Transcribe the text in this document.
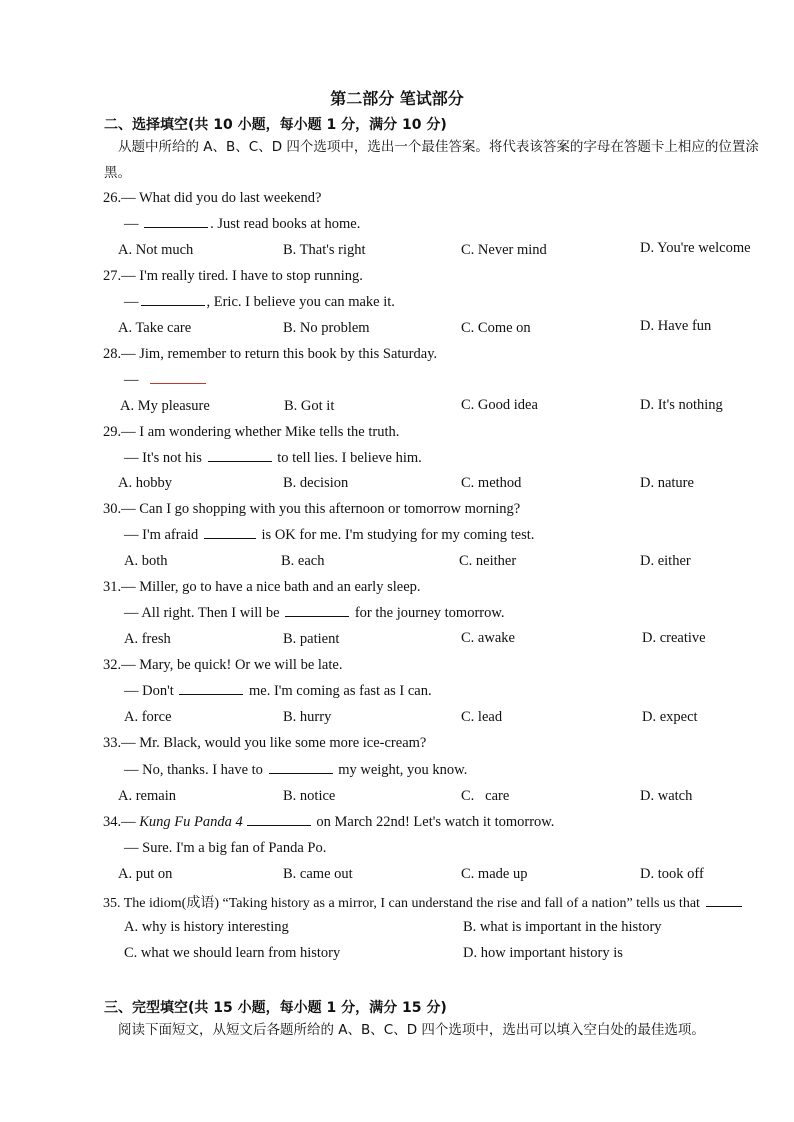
第二部分 笔试部分
二、选择填空(共 10 小题，每小题 1 分，满分 10 分)
从题中所给的 A、B、C、D 四个选项中，选出一个最佳答案。将代表该答案的字母在答题卡上相应的位置涂黑。
26.— What did you do last weekend?
—	. Just read books at home.
A. Not much	B. That's right	C. Never mind	D. You're welcome
27.— I'm really tired. I have to stop running.
—	, Eric. I believe you can make it.
A. Take care	B. No problem	C. Come on	D. Have fun
28.— Jim, remember to return this book by this Saturday.
—
A. My pleasure	B. Got it	C. Good idea	D. It's nothing
29.— I am wondering whether Mike tells the truth.
— It's not his	to tell lies. I believe him.
A. hobby	B. decision	C. method	D. nature
30.— Can I go shopping with you this afternoon or tomorrow morning?
— I'm afraid	is OK for me. I'm studying for my coming test.
A. both	B. each	C. neither	D. either
31.— Miller, go to have a nice bath and an early sleep.
— All right. Then I will be	for the journey tomorrow.
A. fresh	B. patient	C. awake	D. creative
32.— Mary, be quick! Or we will be late.
— Don't	me. I'm coming as fast as I can.
A. force	B. hurry	C. lead	D. expect
33.— Mr. Black, would you like some more ice-cream?
— No, thanks. I have to	my weight, you know.
A. remain	B. notice	C.   care	D. watch
34.— Kung Fu Panda 4	on March 22nd! Let's watch it tomorrow.
— Sure. I'm a big fan of Panda Po.
A. put on	B. came out	C. made up	D. took off
35. The idiom(成语) “Taking history as a mirror, I can understand the rise and fall of a nation” tells us that
A. why is history interesting	B. what is important in the history
C. what we should learn from history	D. how important history is
三、完型填空(共 15 小题，每小题 1 分，满分 15 分)
阅读下面短文，从短文后各题所给的 A、B、C、D 四个选项中，选出可以填入空白处的最佳选项。
